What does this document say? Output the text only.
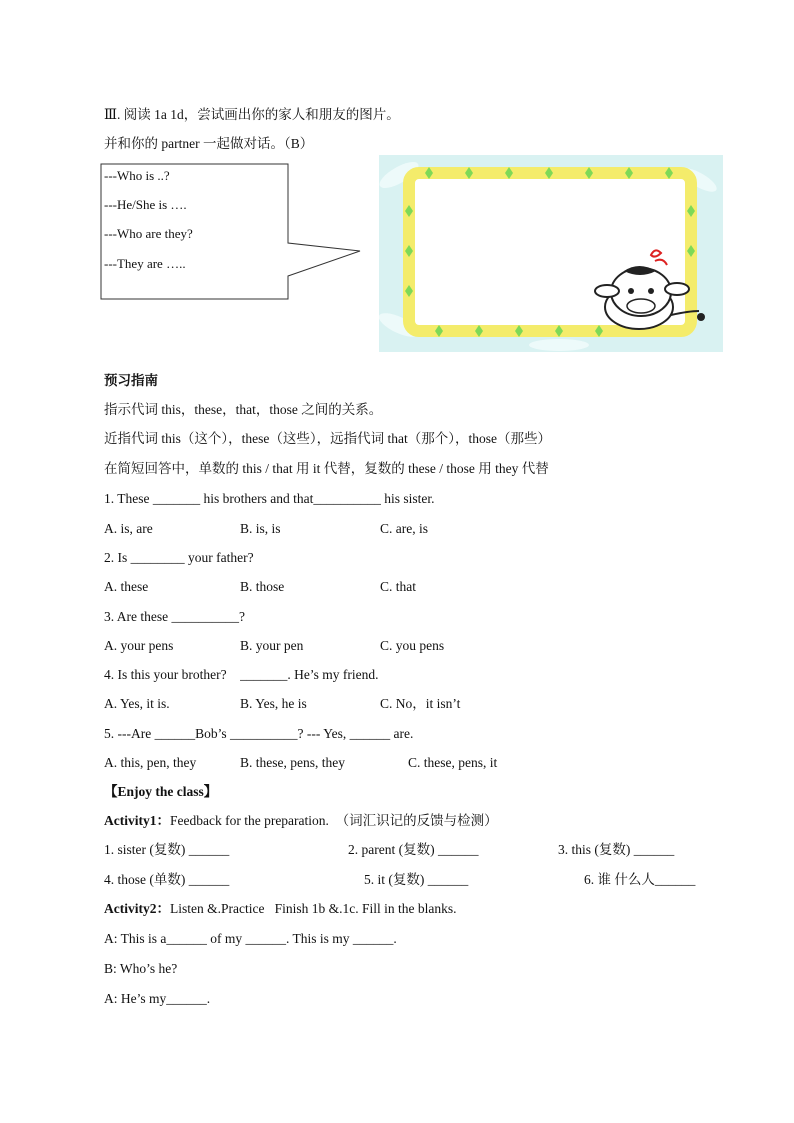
Ⅲ. 阅读 1a 1d，尝试画出你的家人和朋友的图片。
并和你的 partner 一起做对话。（B）
---Who is ..?
---He/She is ….
---Who are they?
---They are …..
预习指南
指示代词 this，these，that，those 之间的关系。
近指代词 this（这个），these（这些），远指代词 that（那个），those（那些）
在简短回答中，单数的 this / that 用 it 代替，复数的 these / those 用 they 代替
1. These _______ his brothers and that__________ his sister.
A. is, are	B. is, is	C. are, is
2. Is ________ your father?
A. these	B. those	C. that
3. Are these __________?
A. your pens	B. your pen	C. you pens
4. Is this your brother?    _______. He’s my friend.
A. Yes, it is.	B. Yes, he is	C. No，it isn’t
5. ---Are ______Bob’s __________? --- Yes, ______ are.
A. this, pen, they	B. these, pens, they	C. these, pens, it
【Enjoy the class】
Activity1：Feedback for the preparation.  （词汇识记的反馈与检测）
1. sister (复数) ______	2. parent (复数) ______	3. this (复数) ______
4. those (单数) ______	5. it (复数) ______	6. 谁 什么人______
Activity2：Listen &.Practice   Finish 1b &.1c. Fill in the blanks.
A: This is a______ of my ______. This is my ______.
B: Who’s he?
A: He’s my______.
